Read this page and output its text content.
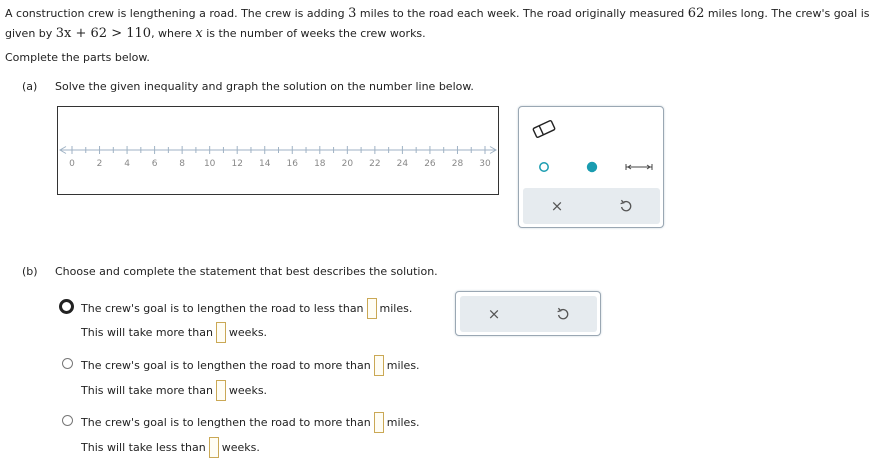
A construction crew is lengthening a road. The crew is adding 3 miles to the road each week. The road originally measured 62 miles long. The crew's goal is
given by 3x + 62 > 110, where x is the number of weeks the crew works.
Complete the parts below.
(a) Solve the given inequality and graph the solution on the number line below.
0 2 4 6 8 10 12 14 16 18 20 22 24 26 28 30
×
(b) Choose and complete the statement that best describes the solution.
The crew's goal is to lengthen the road to less than miles.
This will take more than weeks.
The crew's goal is to lengthen the road to more than miles.
This will take more than weeks.
The crew's goal is to lengthen the road to more than miles.
This will take less than weeks.
×
